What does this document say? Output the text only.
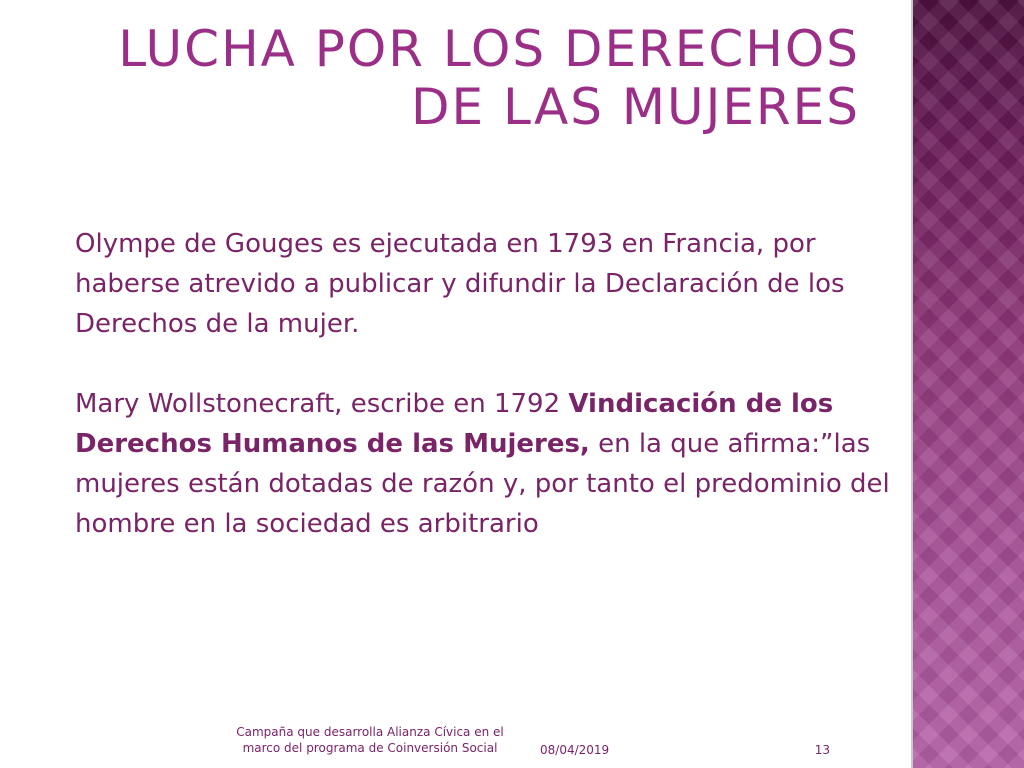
LUCHA POR LOS DERECHOS
DE LAS MUJERES

Olympe de Gouges es ejecutada en 1793 en Francia, por haberse atrevido a publicar y difundir la Declaración de los Derechos de la mujer.

Mary Wollstonecraft, escribe en 1792 Vindicación de los Derechos Humanos de las Mujeres, en la que afirma:”las mujeres están dotadas de razón y, por tanto el predominio del hombre en la sociedad es arbitrario

Campaña que desarrolla Alianza Cívica en el
marco del programa de Coinversión Social	08/04/2019	13
